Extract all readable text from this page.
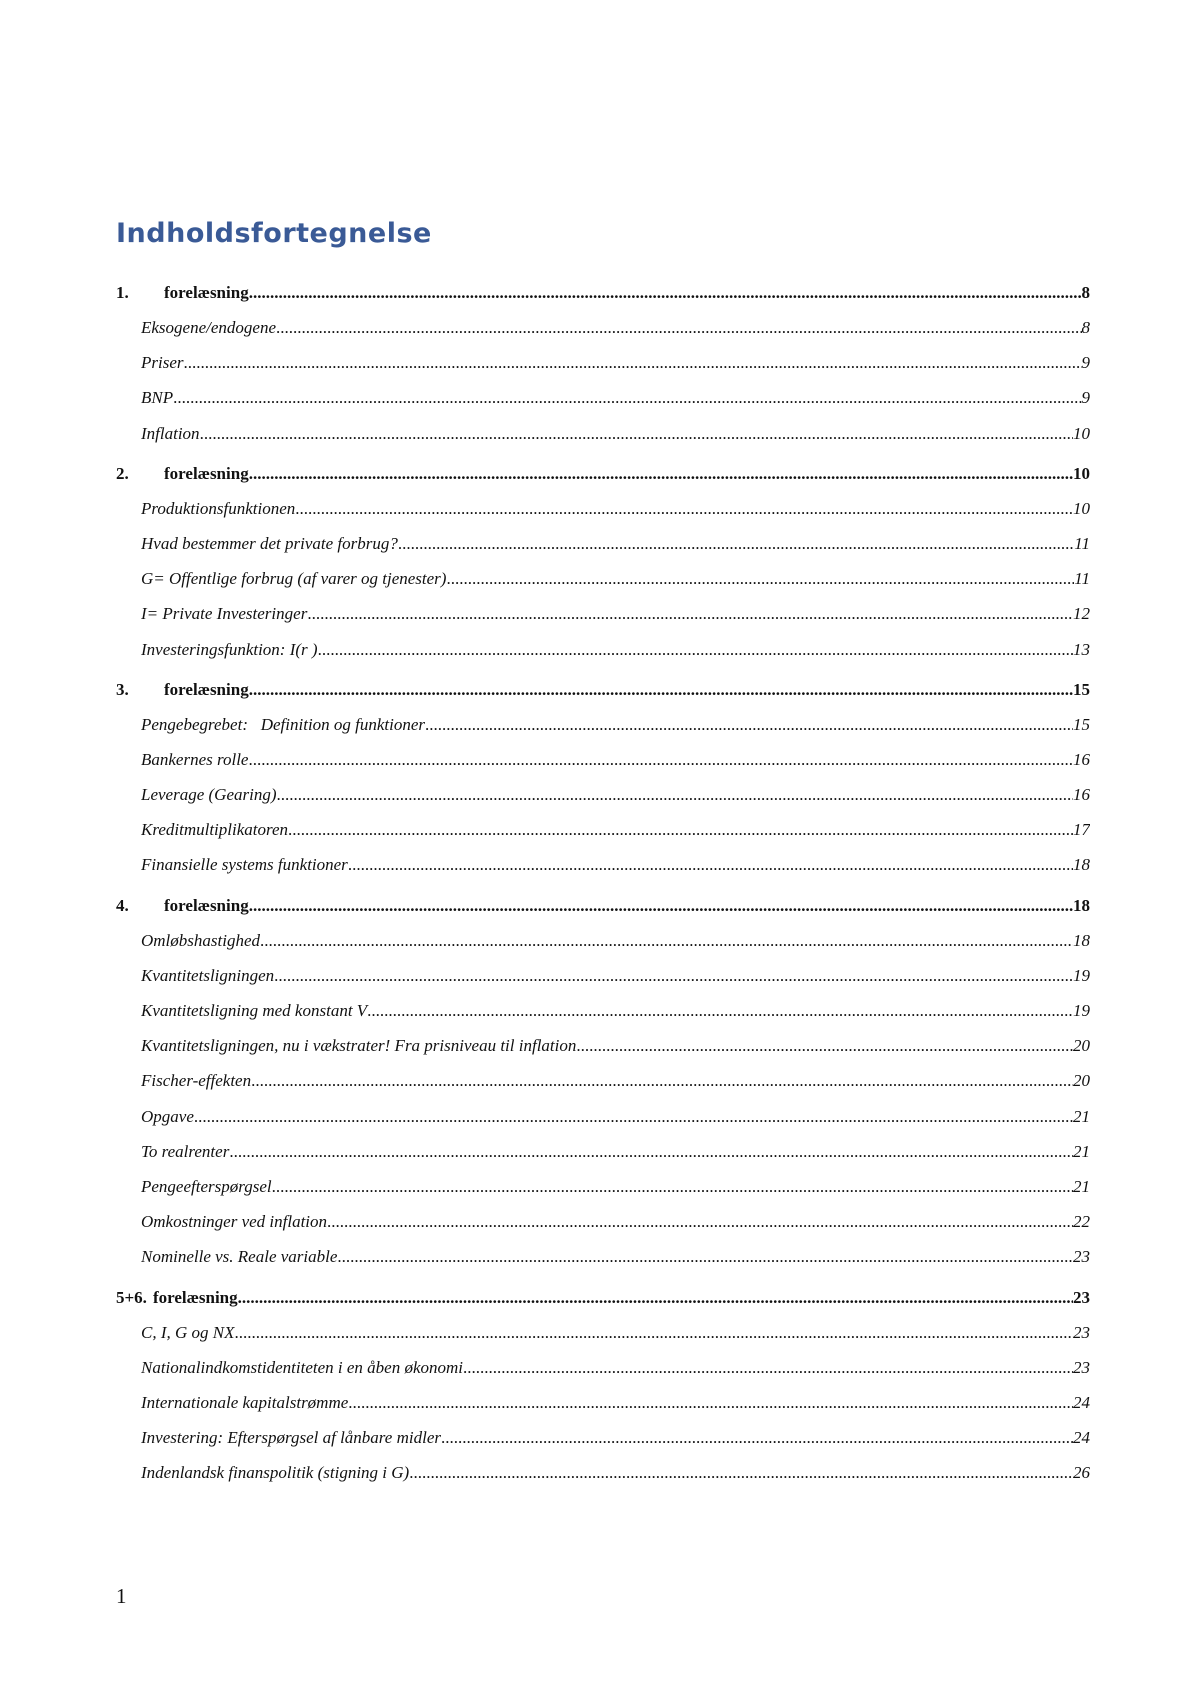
Indholdsfortegnelse
1. forelæsning .....	8
Eksogene/endogene .....	8
Priser .....	9
BNP .....	9
Inflation .....	10
2. forelæsning .....	10
Produktionsfunktionen .....	10
Hvad bestemmer det private forbrug? .....	11
G= Offentlige forbrug (af varer og tjenester) .....	11
I= Private Investeringer .....	12
Investeringsfunktion: I(r ) .....	13
3. forelæsning .....	15
Pengebegrebet:   Definition og funktioner .....	15
Bankernes rolle .....	16
Leverage (Gearing) .....	16
Kreditmultiplikatoren .....	17
Finansielle systems funktioner .....	18
4. forelæsning .....	18
Omløbshastighed .....	18
Kvantitetsligningen .....	19
Kvantitetsligning med konstant V .....	19
Kvantitetsligningen, nu i vækstrater! Fra prisniveau til inflation .....	20
Fischer-effekten .....	20
Opgave .....	21
To realrenter .....	21
Pengeefterspørgsel .....	21
Omkostninger ved inflation .....	22
Nominelle vs. Reale variable .....	23
5+6. forelæsning .....	23
C, I, G og NX .....	23
Nationalindkomstidentiteten i en åben økonomi .....	23
Internationale kapitalstrømme .....	24
Investering: Efterspørgsel af lånbare midler .....	24
Indenlandsk finanspolitik (stigning i G) .....	26
1
